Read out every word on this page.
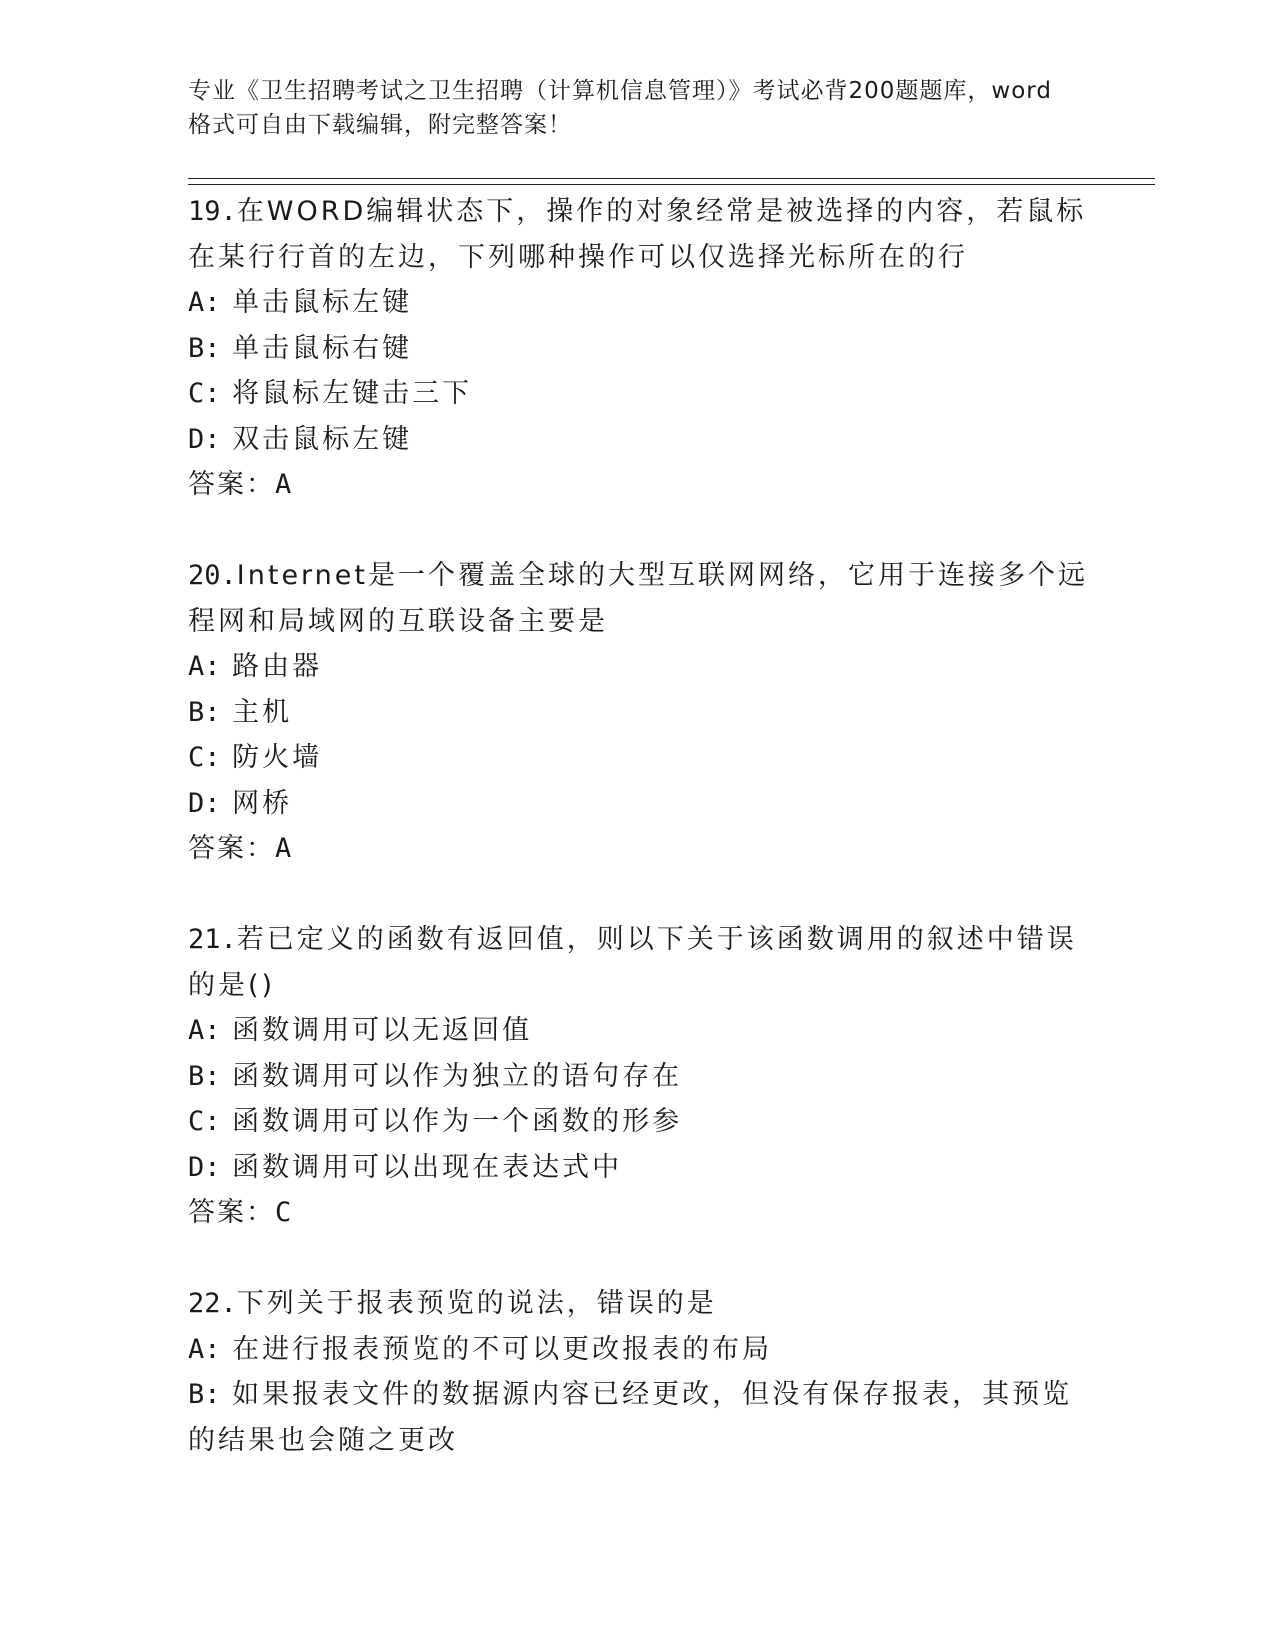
专业《卫生招聘考试之卫生招聘（计算机信息管理）》考试必背200题题库，word
格式可自由下载编辑，附完整答案！

19.在WORD编辑状态下，操作的对象经常是被选择的内容，若鼠标在某行行首的左边，下列哪种操作可以仅选择光标所在的行

A: 单击鼠标左键

B: 单击鼠标右键

C: 将鼠标左键击三下

D: 双击鼠标左键

答案：A

20.Internet是一个覆盖全球的大型互联网网络，它用于连接多个远程网和局域网的互联设备主要是

A: 路由器

B: 主机

C: 防火墙

D: 网桥

答案：A

21.若已定义的函数有返回值，则以下关于该函数调用的叙述中错误的是()

A: 函数调用可以无返回值

B: 函数调用可以作为独立的语句存在

C: 函数调用可以作为一个函数的形参

D: 函数调用可以出现在表达式中

答案：C

22.下列关于报表预览的说法，错误的是

A: 在进行报表预览的不可以更改报表的布局

B: 如果报表文件的数据源内容已经更改，但没有保存报表，其预览的结果也会随之更改
